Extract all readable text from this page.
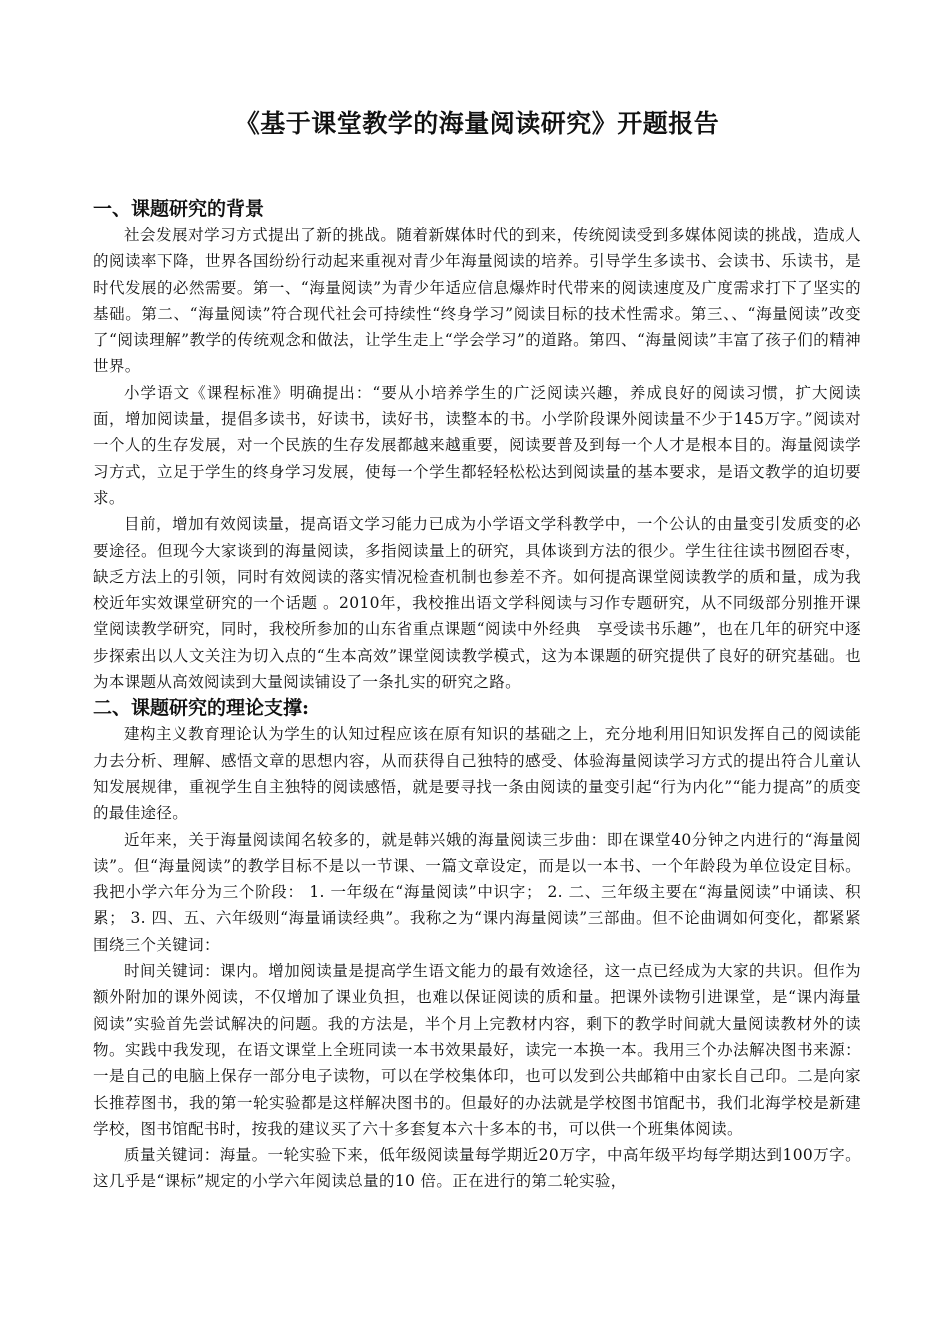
《基于课堂教学的海量阅读研究》开题报告
一、课题研究的背景

社会发展对学习方式提出了新的挑战。随着新媒体时代的到来，传统阅读受到多媒体阅读的挑战，造成人的阅读率下降，世界各国纷纷行动起来重视对青少年海量阅读的培养。引导学生多读书、会读书、乐读书，是时代发展的必然需要。第一、“海量阅读”为青少年适应信息爆炸时代带来的阅读速度及广度需求打下了坚实的基础。第二、“海量阅读”符合现代社会可持续性“终身学习”阅读目标的技术性需求。第三、、“海量阅读”改变了“阅读理解”教学的传统观念和做法，让学生走上“学会学习”的道路。第四、“海量阅读”丰富了孩子们的精神世界。

小学语文《课程标准》明确提出：“要从小培养学生的广泛阅读兴趣，养成良好的阅读习惯，扩大阅读面，增加阅读量，提倡多读书，好读书，读好书，读整本的书。小学阶段课外阅读量不少于145万字。”阅读对一个人的生存发展，对一个民族的生存发展都越来越重要，阅读要普及到每一个人才是根本目的。海量阅读学习方式，立足于学生的终身学习发展，使每一个学生都轻轻松松达到阅读量的基本要求，是语文教学的迫切要求。

目前，增加有效阅读量，提高语文学习能力已成为小学语文学科教学中，一个公认的由量变引发质变的必要途径。但现今大家谈到的海量阅读，多指阅读量上的研究，具体谈到方法的很少。学生往往读书囫囵吞枣，缺乏方法上的引领，同时有效阅读的落实情况检查机制也参差不齐。如何提高课堂阅读教学的质和量，成为我校近年实效课堂研究的一个话题 。2010年，我校推出语文学科阅读与习作专题研究，从不同级部分别推开课堂阅读教学研究，同时，我校所参加的山东省重点课题“阅读中外经典　享受读书乐趣”，也在几年的研究中逐步探索出以人文关注为切入点的“生本高效”课堂阅读教学模式，这为本课题的研究提供了良好的研究基础。也为本课题从高效阅读到大量阅读铺设了一条扎实的研究之路。

二、课题研究的理论支撑:

建构主义教育理论认为学生的认知过程应该在原有知识的基础之上，充分地利用旧知识发挥自己的阅读能力去分析、理解、感悟文章的思想内容，从而获得自己独特的感受、体验海量阅读学习方式的提出符合儿童认知发展规律，重视学生自主独特的阅读感悟，就是要寻找一条由阅读的量变引起“行为内化”“能力提高”的质变的最佳途径。

近年来，关于海量阅读闻名较多的，就是韩兴娥的海量阅读三步曲：即在课堂40分钟之内进行的“海量阅读”。但“海量阅读”的教学目标不是以一节课、一篇文章设定，而是以一本书、一个年龄段为单位设定目标。我把小学六年分为三个阶段： 1. 一年级在“海量阅读”中识字； 2. 二、三年级主要在“海量阅读”中诵读、积累； 3. 四、五、六年级则“海量诵读经典”。我称之为“课内海量阅读”三部曲。但不论曲调如何变化，都紧紧围绕三个关键词：

时间关键词：课内。增加阅读量是提高学生语文能力的最有效途径，这一点已经成为大家的共识。但作为额外附加的课外阅读，不仅增加了课业负担，也难以保证阅读的质和量。把课外读物引进课堂，是“课内海量阅读”实验首先尝试解决的问题。我的方法是，半个月上完教材内容，剩下的教学时间就大量阅读教材外的读物。实践中我发现，在语文课堂上全班同读一本书效果最好，读完一本换一本。我用三个办法解决图书来源：一是自己的电脑上保存一部分电子读物，可以在学校集体印，也可以发到公共邮箱中由家长自己印。二是向家长推荐图书，我的第一轮实验都是这样解决图书的。但最好的办法就是学校图书馆配书，我们北海学校是新建学校，图书馆配书时，按我的建议买了六十多套复本六十多本的书，可以供一个班集体阅读。

质量关键词：海量。一轮实验下来，低年级阅读量每学期近20万字，中高年级平均每学期达到100万字。这几乎是“课标”规定的小学六年阅读总量的10 倍。正在进行的第二轮实验，
